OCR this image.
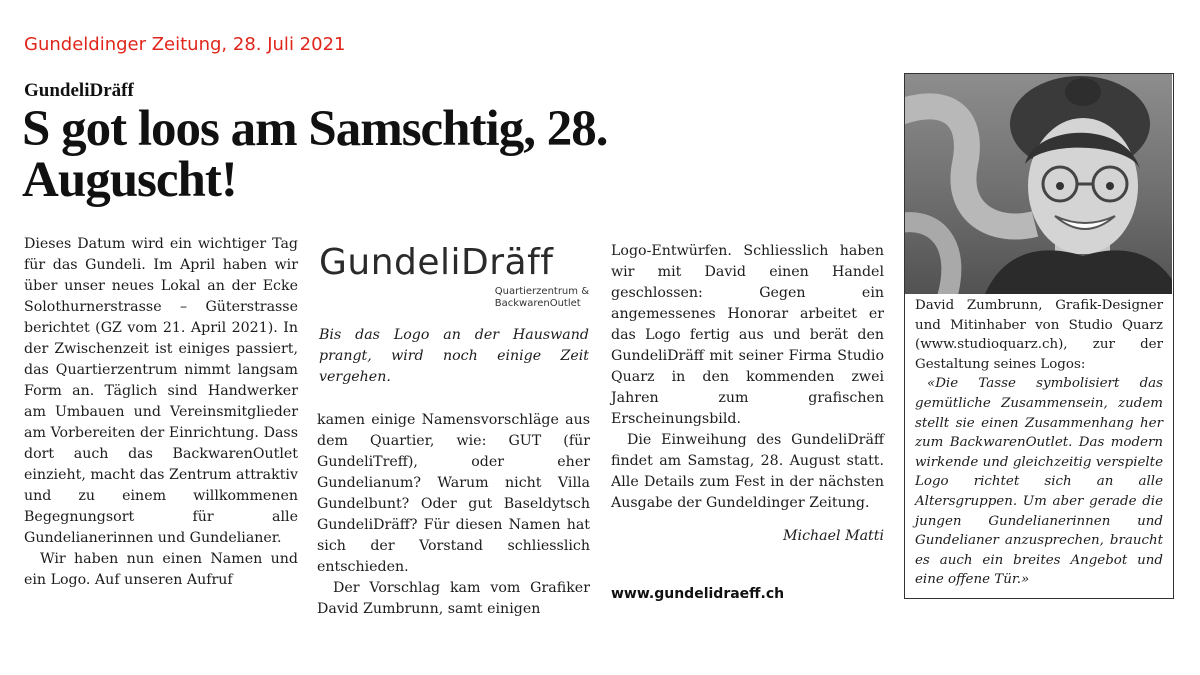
Gundeldinger Zeitung, 28. Juli 2021
GundeliDräff
S got loos am Samschtig, 28. Auguscht!

Dieses Datum wird ein wichtiger Tag für das Gundeli. Im April haben wir über unser neues Lokal an der Ecke Solothurnerstrasse – Güterstrasse berichtet (GZ vom 21. April 2021). In der Zwischenzeit ist einiges passiert, das Quartierzentrum nimmt langsam Form an. Täglich sind Handwerker am Umbauen und Vereinsmitglieder am Vorbereiten der Einrichtung. Dass dort auch das BackwarenOutlet einzieht, macht das Zentrum attraktiv und zu einem willkommenen Begegnungsort für alle Gundelianerinnen und Gundelianer.

Wir haben nun einen Namen und ein Logo. Auf unseren Aufruf

GundeliDräff
Quartierzentrum &
BackwarenOutlet
Bis das Logo an der Hauswand prangt, wird noch einige Zeit vergehen.

kamen einige Namensvorschläge aus dem Quartier, wie: GUT (für GundeliTreff), oder eher Gundelianum? Warum nicht Villa Gundelbunt? Oder gut Baseldytsch GundeliDräff? Für diesen Namen hat sich der Vorstand schliesslich entschieden.

Der Vorschlag kam vom Grafiker David Zumbrunn, samt einigen

Logo-Entwürfen. Schliesslich haben wir mit David einen Handel geschlossen: Gegen ein angemessenes Honorar arbeitet er das Logo fertig aus und berät den GundeliDräff mit seiner Firma Studio Quarz in den kommenden zwei Jahren zum grafischen Erscheinungsbild.

Die Einweihung des GundeliDräff findet am Samstag, 28. August statt. Alle Details zum Fest in der nächsten Ausgabe der Gundeldinger Zeitung.

Michael Matti
www.gundelidraeff.ch
David Zumbrunn, Grafik-Designer und Mitinhaber von Studio Quarz (www.studioquarz.ch), zur der Gestaltung seines Logos:
«Die Tasse symbolisiert das gemütliche Zusammensein, zudem stellt sie einen Zusammenhang her zum BackwarenOutlet. Das modern wirkende und gleichzeitig verspielte Logo richtet sich an alle Altersgruppen. Um aber gerade die jungen Gundelianerinnen und Gundelianer anzusprechen, braucht es auch ein breites Angebot und eine offene Tür.»
